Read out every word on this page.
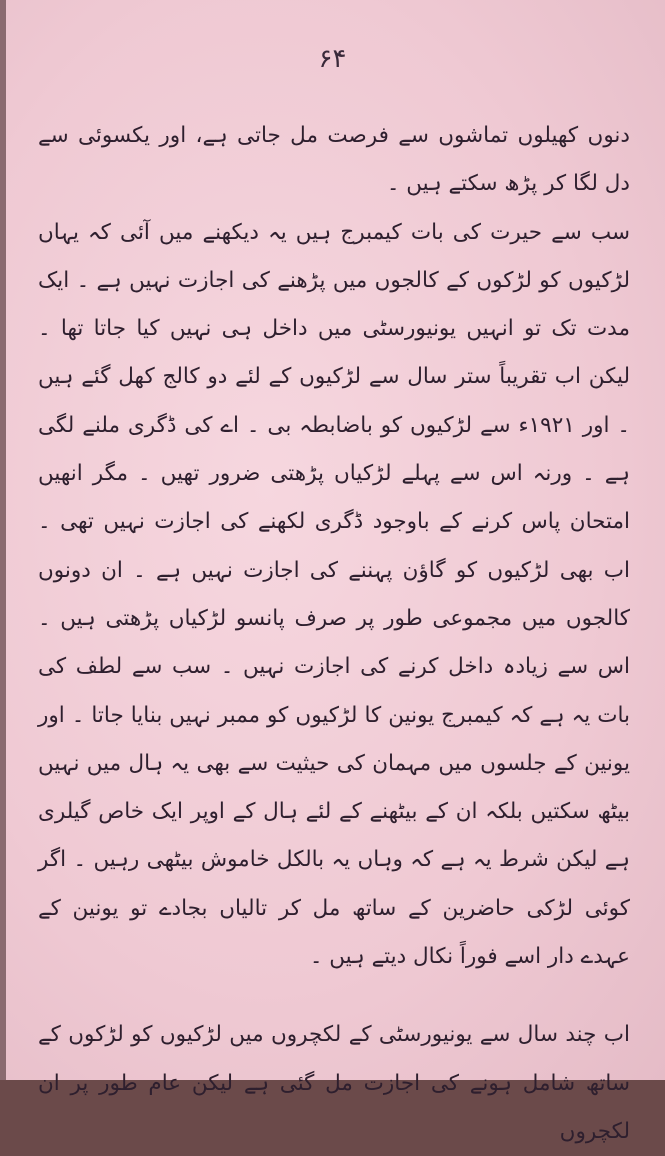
۶۴

دنوں کھیلوں تماشوں سے فرصت مل جاتی ہے، اور یکسوئی سے دل لگا کر پڑھ سکتے ہیں ۔

سب سے حیرت کی بات کیمبرج ہیں یہ دیکھنے میں آئی کہ یہاں لڑکیوں کو لڑکوں کے کالجوں میں پڑھنے کی اجازت نہیں ہے ۔ ایک مدت تک تو انہیں یونیورسٹی میں داخل ہی نہیں کیا جاتا تھا ۔ لیکن اب تقریباً ستر سال سے لڑکیوں کے لئے دو کالج کھل گئے ہیں ۔ اور ۱۹۲۱ء سے لڑکیوں کو باضابطہ بی ۔ اے کی ڈگری ملنے لگی ہے ۔ ورنہ اس سے پہلے لڑکیاں پڑھتی ضرور تھیں ۔ مگر انھیں امتحان پاس کرنے کے باوجود ڈگری لکھنے کی اجازت نہیں تھی ۔ اب بھی لڑکیوں کو گاؤن پہننے کی اجازت نہیں ہے ۔ ان دونوں کالجوں میں مجموعی طور پر صرف پانسو لڑکیاں پڑھتی ہیں ۔ اس سے زیادہ داخل کرنے کی اجازت نہیں ۔ سب سے لطف کی بات یہ ہے کہ کیمبرج یونین کا لڑکیوں کو ممبر نہیں بنایا جاتا ۔ اور یونین کے جلسوں میں مہمان کی حیثیت سے بھی یہ ہال میں نہیں بیٹھ سکتیں بلکہ ان کے بیٹھنے کے لئے ہال کے اوپر ایک خاص گیلری ہے لیکن شرط یہ ہے کہ وہاں یہ بالکل خاموش بیٹھی رہیں ۔ اگر کوئی لڑکی حاضرین کے ساتھ مل کر تالیاں بجادے تو یونین کے عہدے دار اسے فوراً نکال دیتے ہیں ۔

اب چند سال سے یونیورسٹی کے لکچروں میں لڑکیوں کو لڑکوں کے ساتھ شامل ہونے کی اجازت مل گئی ہے لیکن عام طور پر ان لکچروں
